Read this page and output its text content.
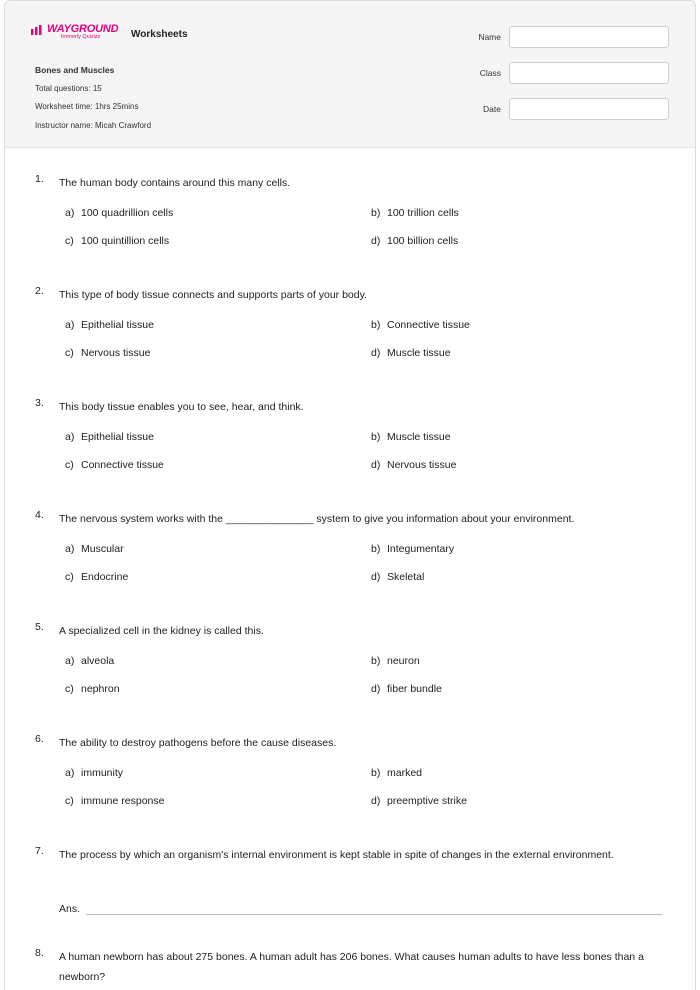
WAYGROUND
formerly Quizizz	Worksheets
Bones and Muscles
Total questions: 15
Worksheet time: 1hrs 25mins
Instructor name: Micah Crawford
Name
Class
Date
1.	The human body contains around this many cells.
a) 100 quadrillion cells	b) 100 trillion cells
c) 100 quintillion cells	d) 100 billion cells
2.	This type of body tissue connects and supports parts of your body.
a) Epithelial tissue	b) Connective tissue
c) Nervous tissue	d) Muscle tissue
3.	This body tissue enables you to see, hear, and think.
a) Epithelial tissue	b) Muscle tissue
c) Connective tissue	d) Nervous tissue
4.	The nervous system works with the _______________ system to give you information about your environment.
a) Muscular	b) Integumentary
c) Endocrine	d) Skeletal
5.	A specialized cell in the kidney is called this.
a) alveola	b) neuron
c) nephron	d) fiber bundle
6.	The ability to destroy pathogens before the cause diseases.
a) immunity	b) marked
c) immune response	d) preemptive strike
7.	The process by which an organism's internal environment is kept stable in spite of changes in the external environment.
Ans.
8.	A human newborn has about 275 bones. A human adult has 206 bones. What causes human adults to have less bones than a newborn?
